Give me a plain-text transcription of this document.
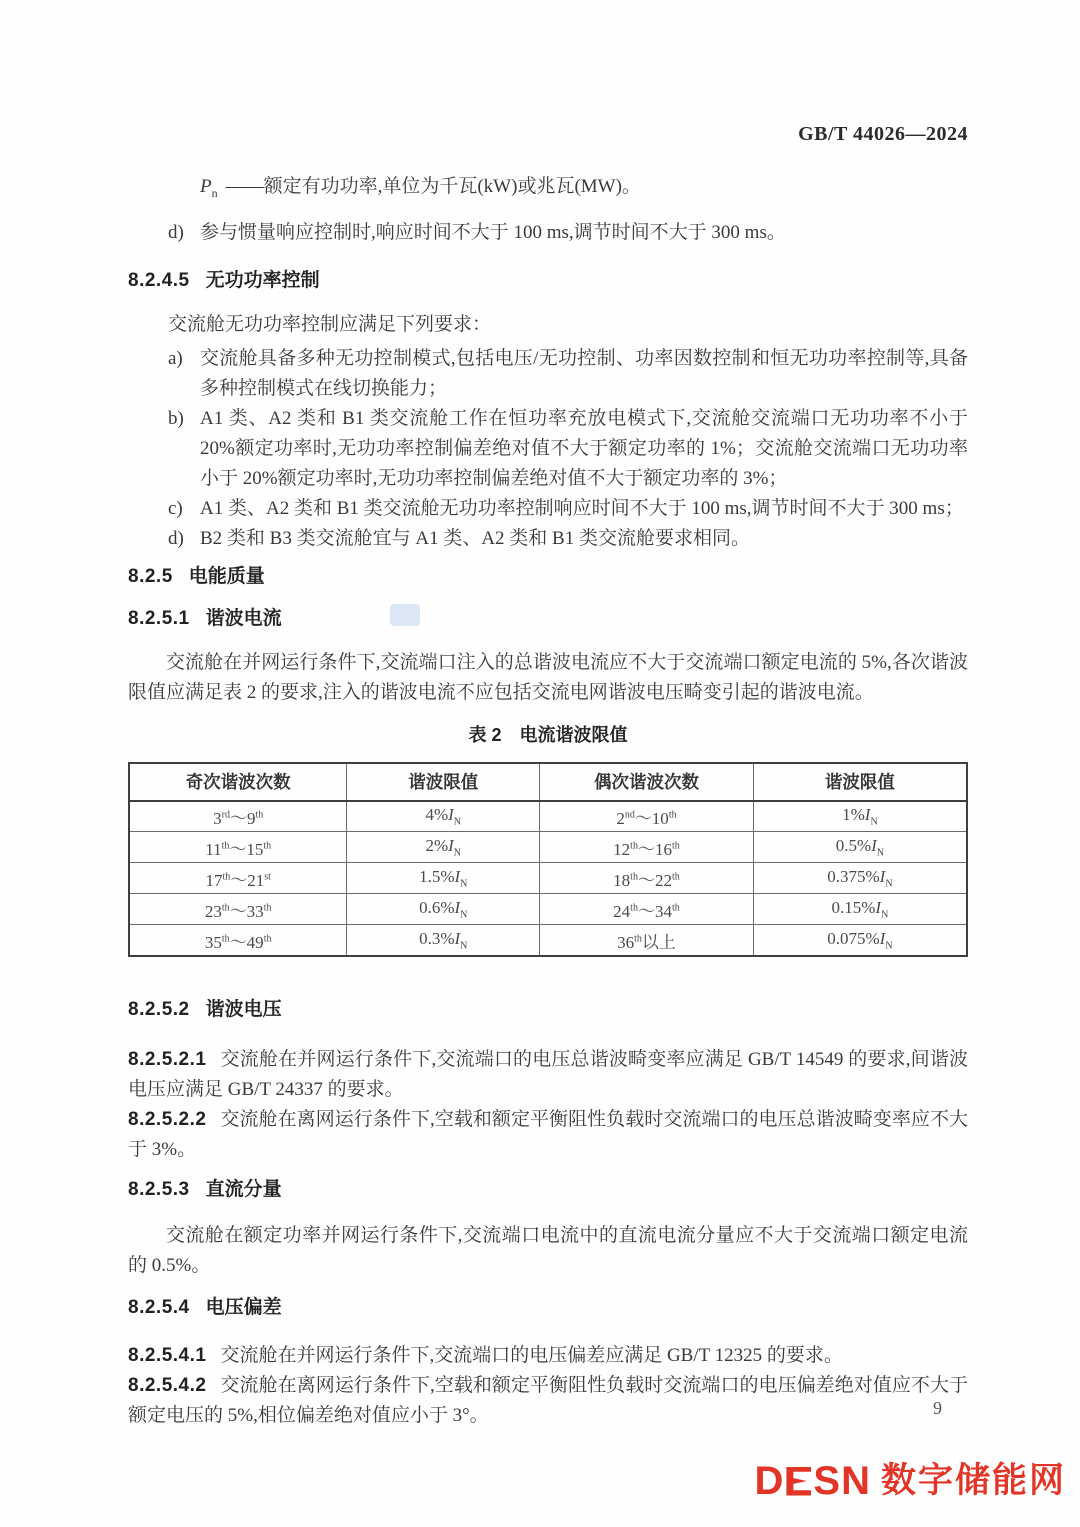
GB/T 44026—2024
$P_n$ ——额定有功功率,单位为千瓦(kW)或兆瓦(MW)。
d) 参与惯量响应控制时,响应时间不大于 100 ms,调节时间不大于 300 ms。
8.2.4.5 无功功率控制
交流舱无功功率控制应满足下列要求：
a) 交流舱具备多种无功控制模式,包括电压/无功控制、功率因数控制和恒无功功率控制等,具备多种控制模式在线切换能力；
b) A1 类、A2 类和 B1 类交流舱工作在恒功率充放电模式下,交流舱交流端口无功功率不小于 20%额定功率时,无功功率控制偏差绝对值不大于额定功率的 1%；交流舱交流端口无功功率小于 20%额定功率时,无功功率控制偏差绝对值不大于额定功率的 3%；
c) A1 类、A2 类和 B1 类交流舱无功功率控制响应时间不大于 100 ms,调节时间不大于 300 ms；
d) B2 类和 B3 类交流舱宜与 A1 类、A2 类和 B1 类交流舱要求相同。
8.2.5 电能质量
8.2.5.1 谐波电流
交流舱在并网运行条件下,交流端口注入的总谐波电流应不大于交流端口额定电流的 5%,各次谐波限值应满足表 2 的要求,注入的谐波电流不应包括交流电网谐波电压畸变引起的谐波电流。
表 2　电流谐波限值
奇次谐波次数	谐波限值	偶次谐波次数	谐波限值
3rd～9th	$4\%I_N$	2nd～10th	$1\%I_N$
11th～15th	$2\%I_N$	12th～16th	$0.5\%I_N$
17th～21st	$1.5\%I_N$	18th～22th	$0.375\%I_N$
23th～33th	$0.6\%I_N$	24th～34th	$0.15\%I_N$
35th～49th	$0.3\%I_N$	36th以上	$0.075\%I_N$
8.2.5.2 谐波电压
8.2.5.2.1 交流舱在并网运行条件下,交流端口的电压总谐波畸变率应满足 GB/T 14549 的要求,间谐波电压应满足 GB/T 24337 的要求。
8.2.5.2.2 交流舱在离网运行条件下,空载和额定平衡阻性负载时交流端口的电压总谐波畸变率应不大于 3%。
8.2.5.3 直流分量
交流舱在额定功率并网运行条件下,交流端口电流中的直流电流分量应不大于交流端口额定电流的 0.5%。
8.2.5.4 电压偏差
8.2.5.4.1 交流舱在并网运行条件下,交流端口的电压偏差应满足 GB/T 12325 的要求。
8.2.5.4.2 交流舱在离网运行条件下,空载和额定平衡阻性负载时交流端口的电压偏差绝对值应不大于额定电压的 5%,相位偏差绝对值应小于 3°。	9
D SN 数字储能网
